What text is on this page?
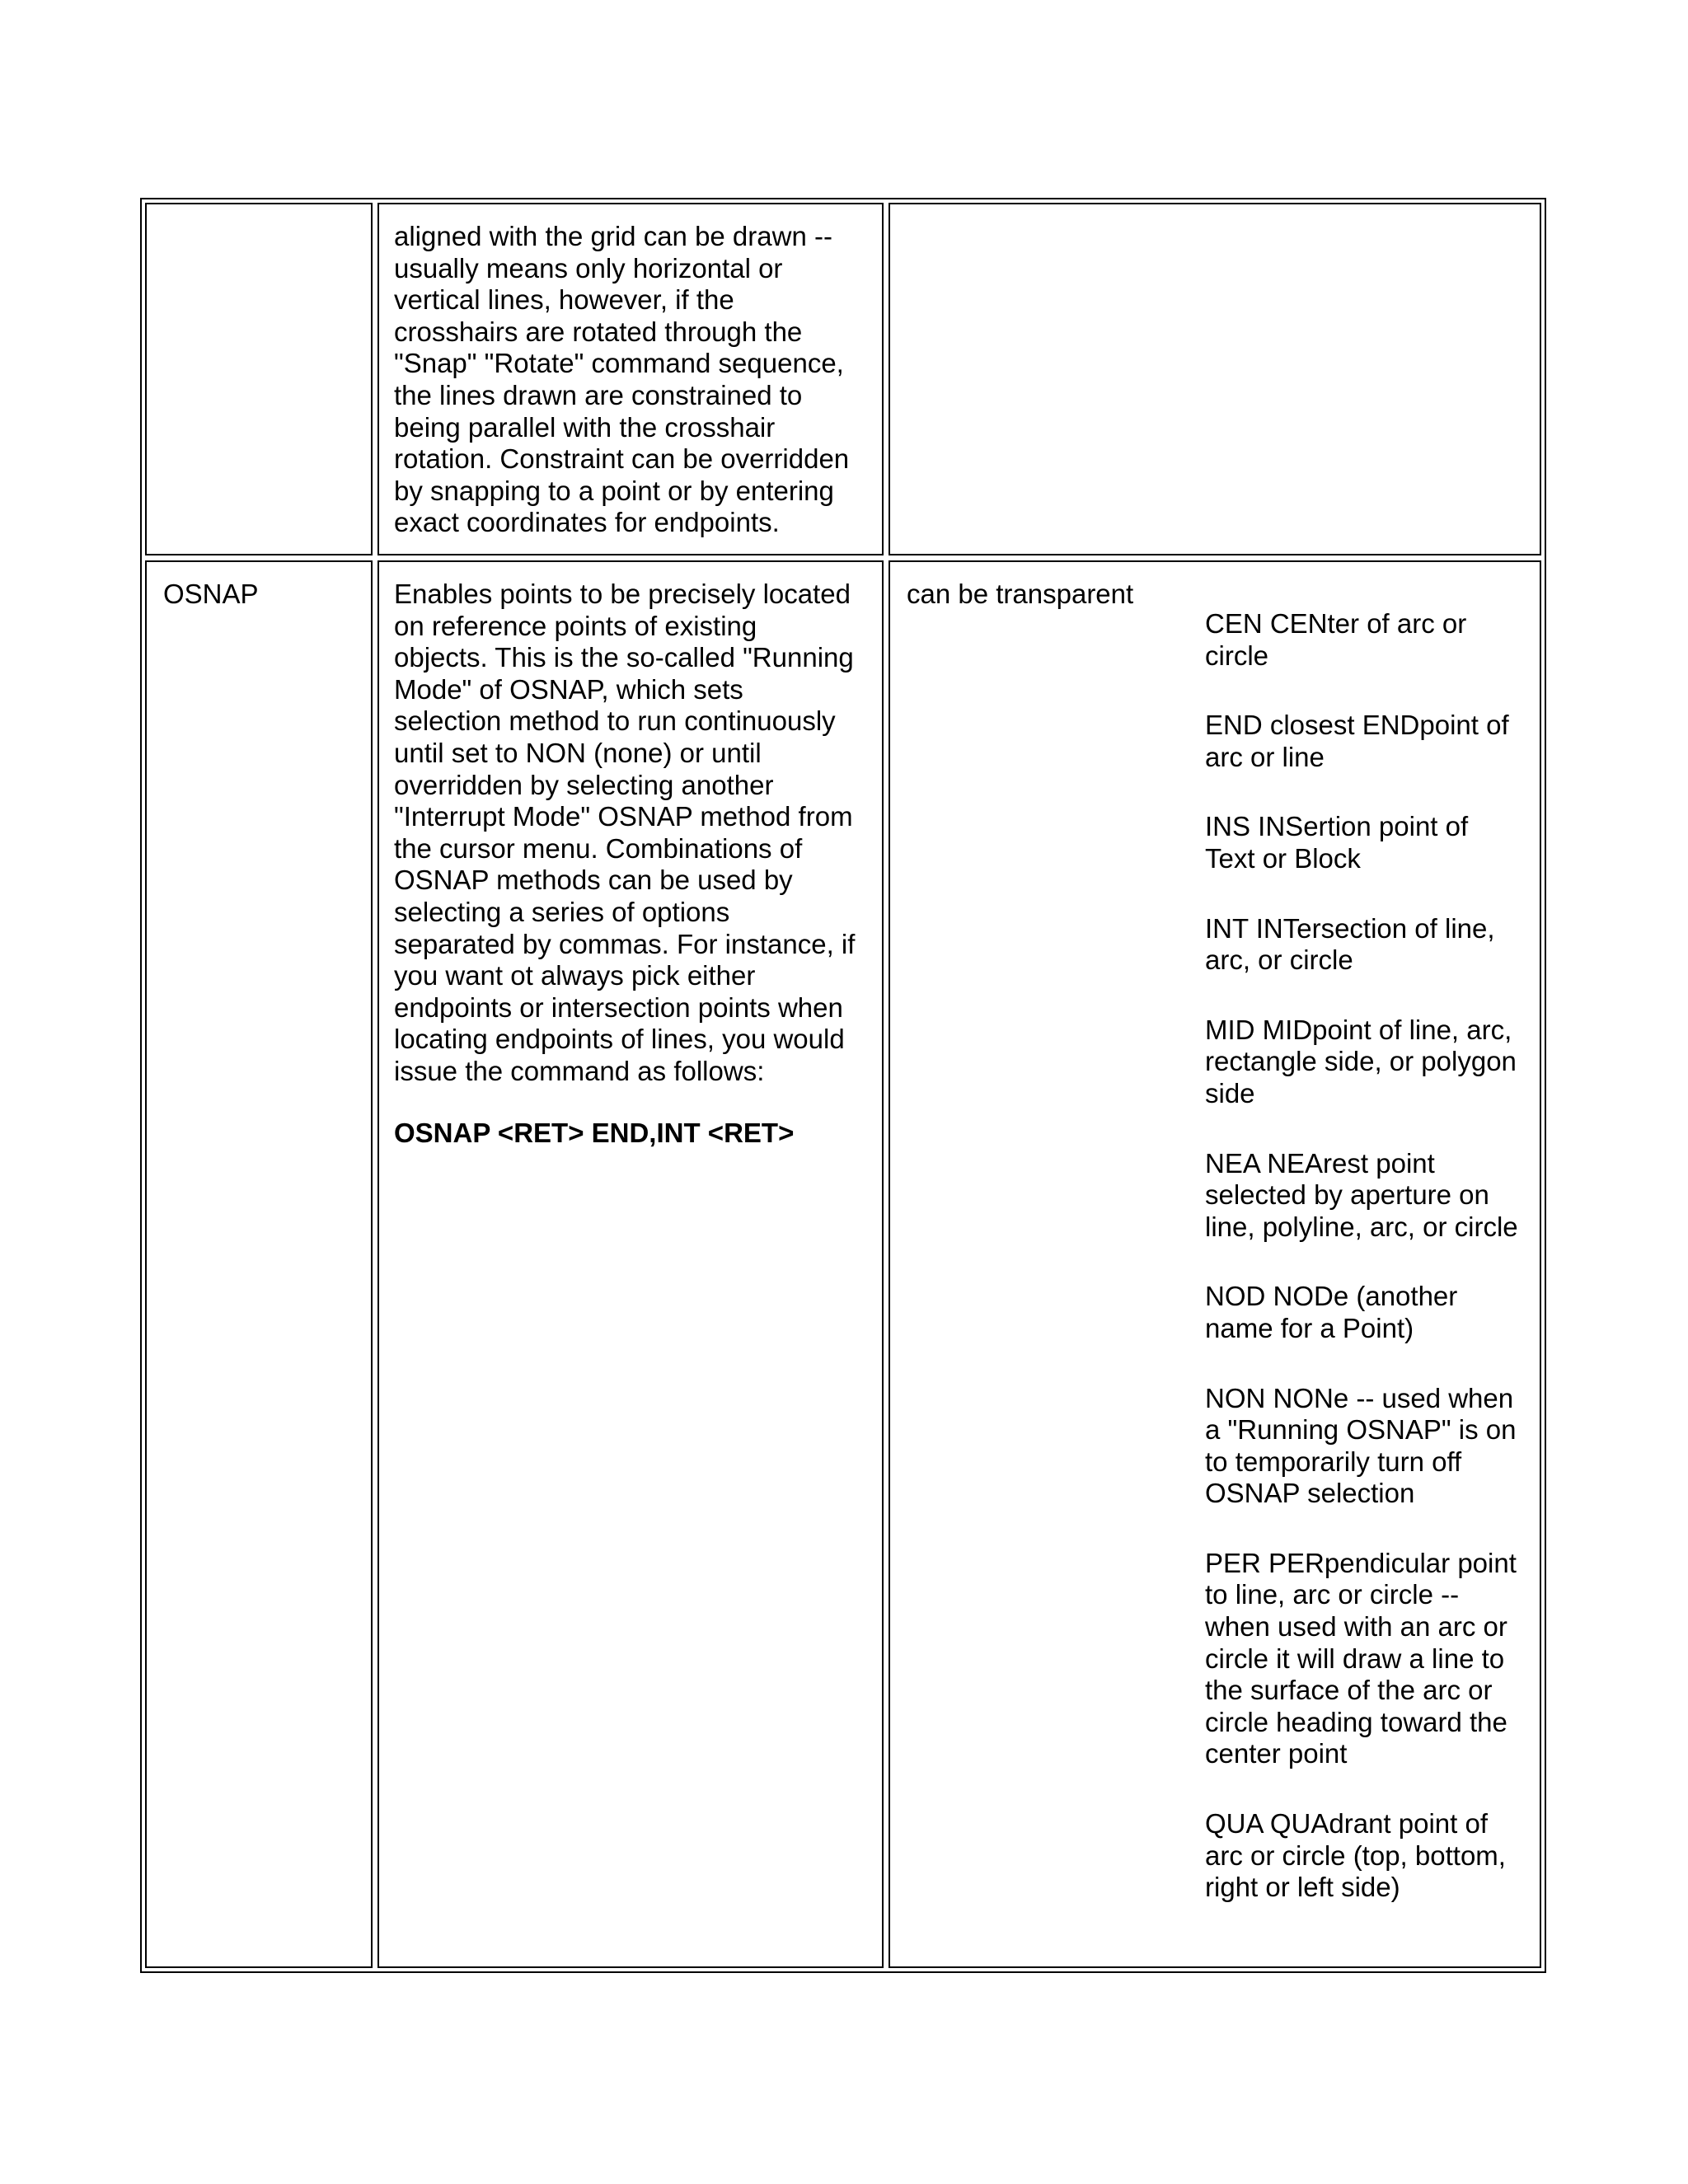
aligned with the grid can be drawn --
usually means only horizontal or
vertical lines, however, if the
crosshairs are rotated through the
"Snap" "Rotate" command sequence,
the lines drawn are constrained to
being parallel with the crosshair
rotation. Constraint can be overridden
by snapping to a point or by entering
exact coordinates for endpoints.
OSNAP	Enables points to be precisely located
on reference points of existing
objects. This is the so-called "Running
Mode" of OSNAP, which sets
selection method to run continuously
until set to NON (none) or until
overridden by selecting another
"Interrupt Mode" OSNAP method from
the cursor menu. Combinations of
OSNAP methods can be used by
selecting a series of options
separated by commas. For instance, if
you want ot always pick either
endpoints or intersection points when
locating endpoints of lines, you would
issue the command as follows:
OSNAP <RET> END,INT <RET>
can be transparent
CEN CENter of arc or
circle
END closest ENDpoint of
arc or line
INS INSertion point of
Text or Block
INT INTersection of line,
arc, or circle
MID MIDpoint of line, arc,
rectangle side, or polygon
side
NEA NEArest point
selected by aperture on
line, polyline, arc, or circle
NOD NODe (another
name for a Point)
NON NONe -- used when
a "Running OSNAP" is on
to temporarily turn off
OSNAP selection
PER PERpendicular point
to line, arc or circle --
when used with an arc or
circle it will draw a line to
the surface of the arc or
circle heading toward the
center point
QUA QUAdrant point of
arc or circle (top, bottom,
right or left side)
